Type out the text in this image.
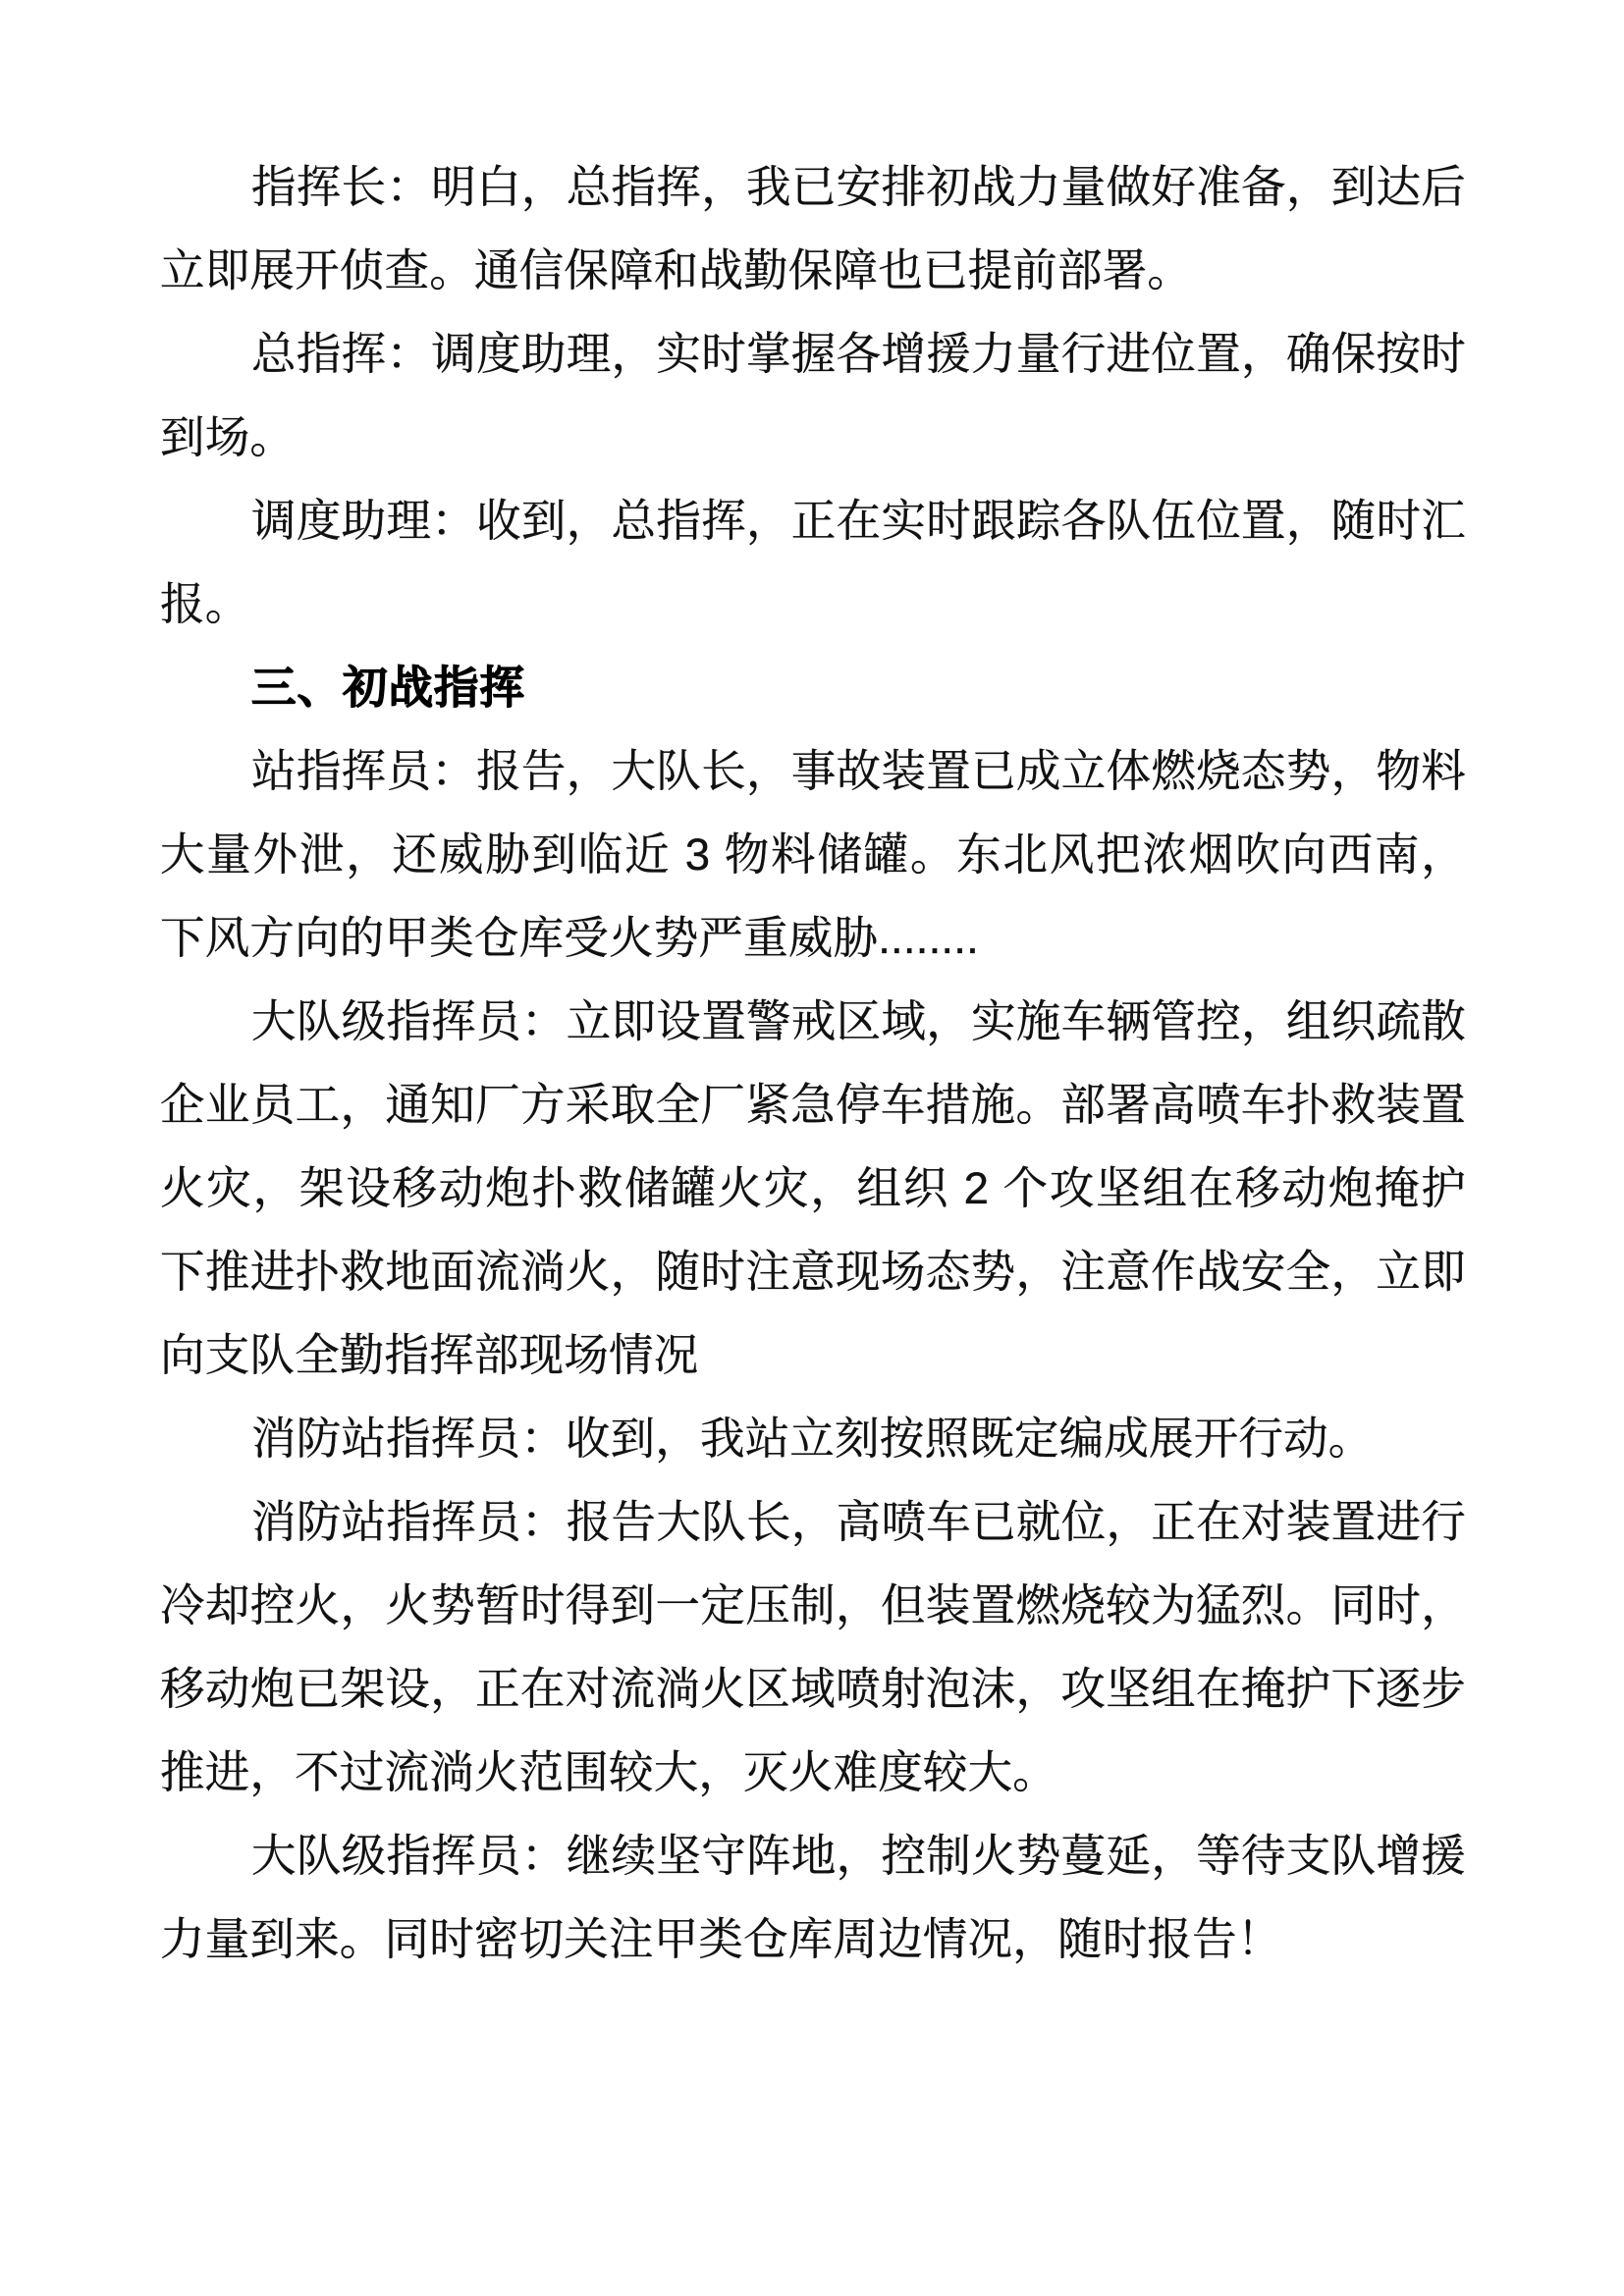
指挥长：明白，总指挥，我已安排初战力量做好准备，到达后立即展开侦查。通信保障和战勤保障也已提前部署。

总指挥：调度助理，实时掌握各增援力量行进位置，确保按时到场。

调度助理：收到，总指挥，正在实时跟踪各队伍位置，随时汇报。

三、初战指挥

站指挥员：报告，大队长，事故装置已成立体燃烧态势，物料大量外泄，还威胁到临近 3 物料储罐。东北风把浓烟吹向西南，下风方向的甲类仓库受火势严重威胁........

大队级指挥员：立即设置警戒区域，实施车辆管控，组织疏散企业员工，通知厂方采取全厂紧急停车措施。部署高喷车扑救装置火灾，架设移动炮扑救储罐火灾，组织 2 个攻坚组在移动炮掩护下推进扑救地面流淌火，随时注意现场态势，注意作战安全，立即向支队全勤指挥部现场情况

消防站指挥员：收到，我站立刻按照既定编成展开行动。

消防站指挥员：报告大队长，高喷车已就位，正在对装置进行冷却控火，火势暂时得到一定压制，但装置燃烧较为猛烈。同时，移动炮已架设，正在对流淌火区域喷射泡沫，攻坚组在掩护下逐步推进，不过流淌火范围较大，灭火难度较大。

大队级指挥员：继续坚守阵地，控制火势蔓延，等待支队增援力量到来。同时密切关注甲类仓库周边情况，随时报告！
